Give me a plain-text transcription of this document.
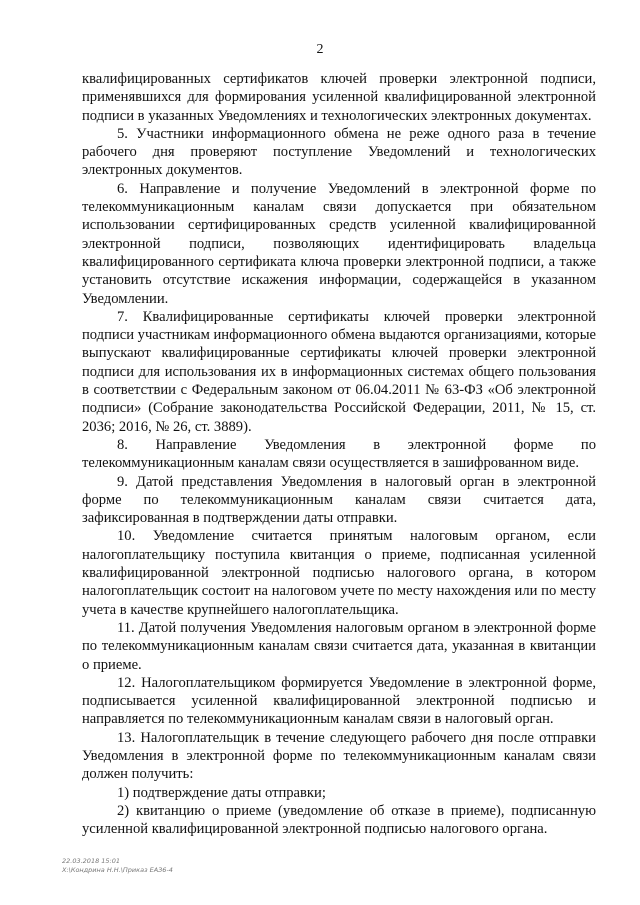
2

квалифицированных сертификатов ключей проверки электронной подписи, применявшихся для формирования усиленной квалифицированной электронной подписи в указанных Уведомлениях и технологических электронных документах.

5. Участники информационного обмена не реже одного раза в течение рабочего дня проверяют поступление Уведомлений и технологических электронных документов.

6. Направление и получение Уведомлений в электронной форме по телекоммуникационным каналам связи допускается при обязательном использовании сертифицированных средств усиленной квалифицированной электронной подписи, позволяющих идентифицировать владельца квалифицированного сертификата ключа проверки электронной подписи, а также установить отсутствие искажения информации, содержащейся в указанном Уведомлении.

7. Квалифицированные сертификаты ключей проверки электронной подписи участникам информационного обмена выдаются организациями, которые выпускают квалифицированные сертификаты ключей проверки электронной подписи для использования их в информационных системах общего пользования в соответствии с Федеральным законом от 06.04.2011 № 63-ФЗ «Об электронной подписи» (Собрание законодательства Российской Федерации, 2011, № 15, ст. 2036; 2016, № 26, ст. 3889).

8. Направление Уведомления в электронной форме по телекоммуникационным каналам связи осуществляется в зашифрованном виде.

9. Датой представления Уведомления в налоговый орган в электронной форме по телекоммуникационным каналам связи считается дата, зафиксированная в подтверждении даты отправки.

10. Уведомление считается принятым налоговым органом, если налогоплательщику поступила квитанция о приеме, подписанная усиленной квалифицированной электронной подписью налогового органа, в котором налогоплательщик состоит на налоговом учете по месту нахождения или по месту учета в качестве крупнейшего налогоплательщика.

11. Датой получения Уведомления налоговым органом в электронной форме по телекоммуникационным каналам связи считается дата, указанная в квитанции о приеме.

12. Налогоплательщиком формируется Уведомление в электронной форме, подписывается усиленной квалифицированной электронной подписью и направляется по телекоммуникационным каналам связи в налоговый орган.

13. Налогоплательщик в течение следующего рабочего дня после отправки Уведомления в электронной форме по телекоммуникационным каналам связи должен получить:

1) подтверждение даты отправки;

2) квитанцию о приеме (уведомление об отказе в приеме), подписанную усиленной квалифицированной электронной подписью налогового органа.

22.03.2018 15:01
X:\Кондрина Н.Н.\Приказ ЕАЗ6-4
